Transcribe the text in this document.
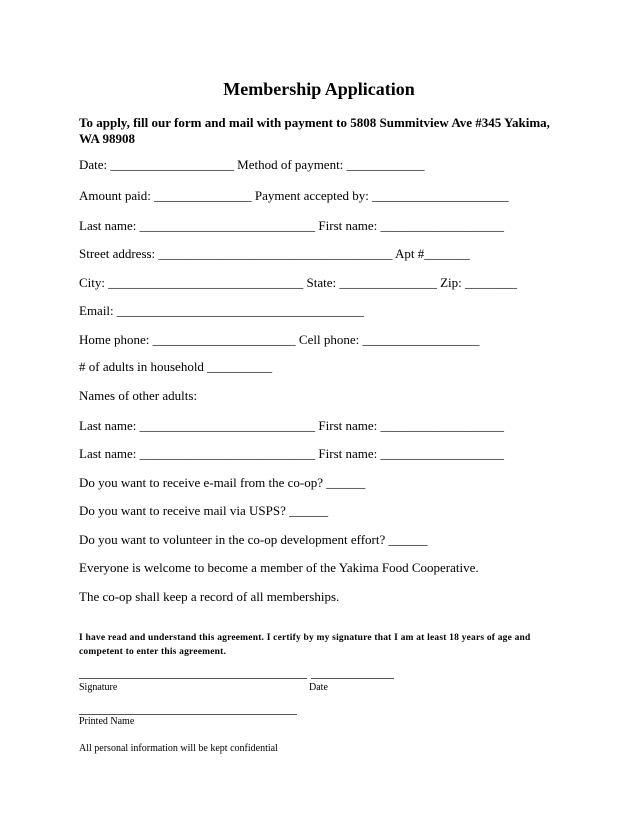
Membership Application
To apply, fill our form and mail with payment to 5808 Summitview Ave #345 Yakima, WA 98908
Date: ___________________ Method of payment: ____________
Amount paid: _______________ Payment accepted by: _____________________
Last name: ___________________________ First name: ___________________
Street address: ____________________________________ Apt #_______
City: ______________________________ State: _______________ Zip: ________
Email: ______________________________________
Home phone: ______________________ Cell phone: __________________
# of adults in household __________
Names of other adults:
Last name: ___________________________ First name: ___________________
Last name: ___________________________ First name: ___________________
Do you want to receive e-mail from the co-op? ______
Do you want to receive mail via USPS? ______
Do you want to volunteer in the co-op development effort? ______
Everyone is welcome to become a member of the Yakima Food Cooperative.
The co-op shall keep a record of all memberships.
I have read and understand this agreement. I certify by my signature that I am at least 18 years of age and competent to enter this agreement.
Signature	Date
Printed Name
All personal information will be kept confidential
